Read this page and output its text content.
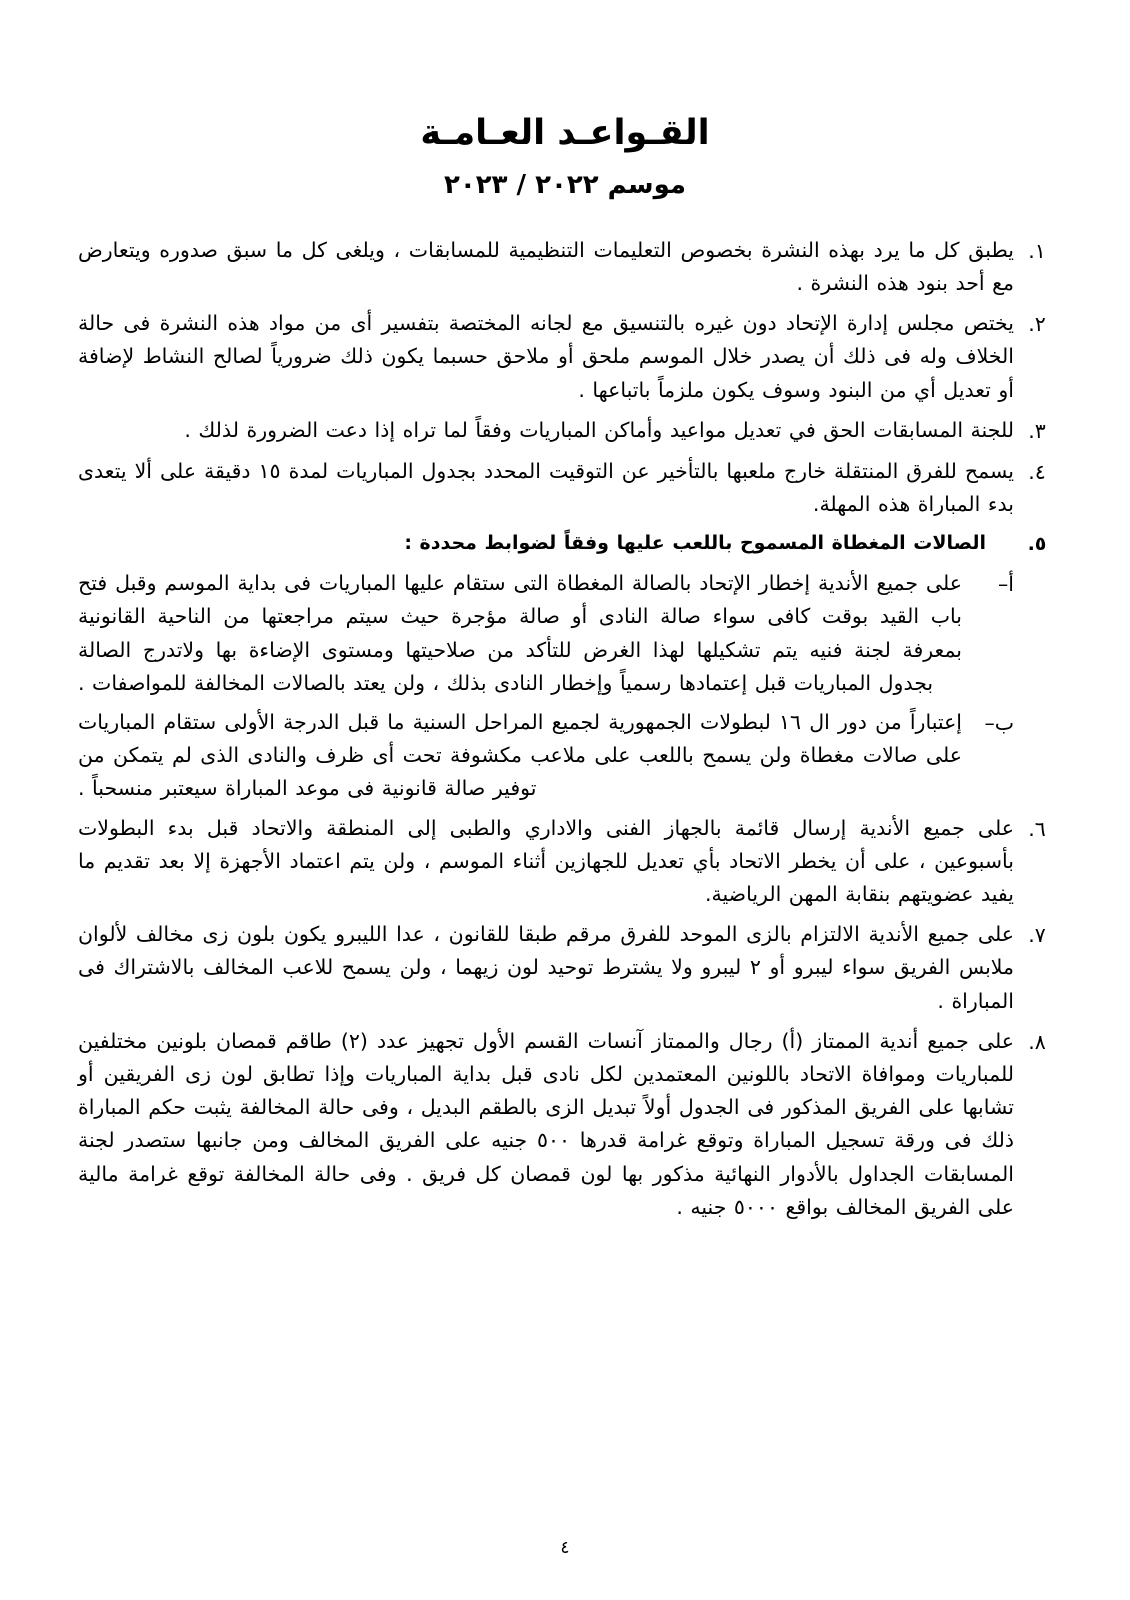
القـواعـد العـامـة
موسم ٢٠٢٢ / ٢٠٢٣
١.
يطبق كل ما يرد بهذه النشرة بخصوص التعليمات التنظيمية للمسابقات ، ويلغى كل ما سبق صدوره ويتعارض مع أحد بنود هذه النشرة .
٢.
يختص مجلس إدارة الإتحاد دون غيره بالتنسيق مع لجانه المختصة بتفسير أى من مواد هذه النشرة فى حالة الخلاف وله فى ذلك أن يصدر خلال الموسم ملحق أو ملاحق حسبما يكون ذلك ضرورياً لصالح النشاط لإضافة أو تعديل أي من البنود وسوف يكون ملزماً باتباعها .
٣.
للجنة المسابقات الحق في تعديل مواعيد وأماكن المباريات وفقاً لما تراه إذا دعت الضرورة لذلك .
٤.
يسمح للفرق المنتقلة خارج ملعبها بالتأخير عن التوقيت المحدد بجدول المباريات لمدة ١٥ دقيقة على ألا يتعدى بدء المباراة هذه المهلة.
٥.
الصالات المغطاة المسموح باللعب عليها وفقاً لضوابط محددة :
أ–
على جميع الأندية إخطار الإتحاد بالصالة المغطاة التى ستقام عليها المباريات فى بداية الموسم وقبل فتح باب القيد بوقت كافى سواء صالة النادى أو صالة مؤجرة حيث سيتم مراجعتها من الناحية القانونية بمعرفة لجنة فنيه يتم تشكيلها لهذا الغرض للتأكد من صلاحيتها ومستوى الإضاءة بها ولاتدرج الصالة بجدول المباريات قبل إعتمادها رسمياً وإخطار النادى بذلك ، ولن يعتد بالصالات المخالفة للمواصفات .
ب–
إعتباراً من دور ال ١٦ لبطولات الجمهورية لجميع المراحل السنية ما قبل الدرجة الأولى ستقام المباريات على صالات مغطاة ولن يسمح باللعب على ملاعب مكشوفة تحت أى ظرف والنادى الذى لم يتمكن من توفير صالة قانونية فى موعد المباراة سيعتبر منسحباً .
٦.
على جميع الأندية إرسال قائمة بالجهاز الفنى والاداري والطبى إلى المنطقة والاتحاد قبل بدء البطولات بأسبوعين ، على أن يخطر الاتحاد بأي تعديل للجهازين أثناء الموسم ، ولن يتم اعتماد الأجهزة إلا بعد تقديم ما يفيد عضويتهم بنقابة المهن الرياضية.
٧.
على جميع الأندية الالتزام بالزى الموحد للفرق مرقم طبقا للقانون ، عدا الليبرو يكون بلون زى مخالف لألوان ملابس الفريق سواء ليبرو أو ٢ ليبرو ولا يشترط توحيد لون زيهما ، ولن يسمح للاعب المخالف بالاشتراك فى المباراة .
٨.
على جميع أندية الممتاز (أ) رجال والممتاز آنسات القسم الأول تجهيز عدد (٢) طاقم قمصان بلونين مختلفين للمباريات وموافاة الاتحاد باللونين المعتمدين لكل نادى قبل بداية المباريات وإذا تطابق لون زى الفريقين أو تشابها على الفريق المذكور فى الجدول أولاً تبديل الزى بالطقم البديل ، وفى حالة المخالفة يثبت حكم المباراة ذلك فى ورقة تسجيل المباراة وتوقع غرامة قدرها ٥٠٠ جنيه على الفريق المخالف ومن جانبها ستصدر لجنة المسابقات الجداول بالأدوار النهائية مذكور بها لون قمصان كل فريق . وفى حالة المخالفة توقع غرامة مالية على الفريق المخالف بواقع ٥٠٠٠ جنيه .
٤
